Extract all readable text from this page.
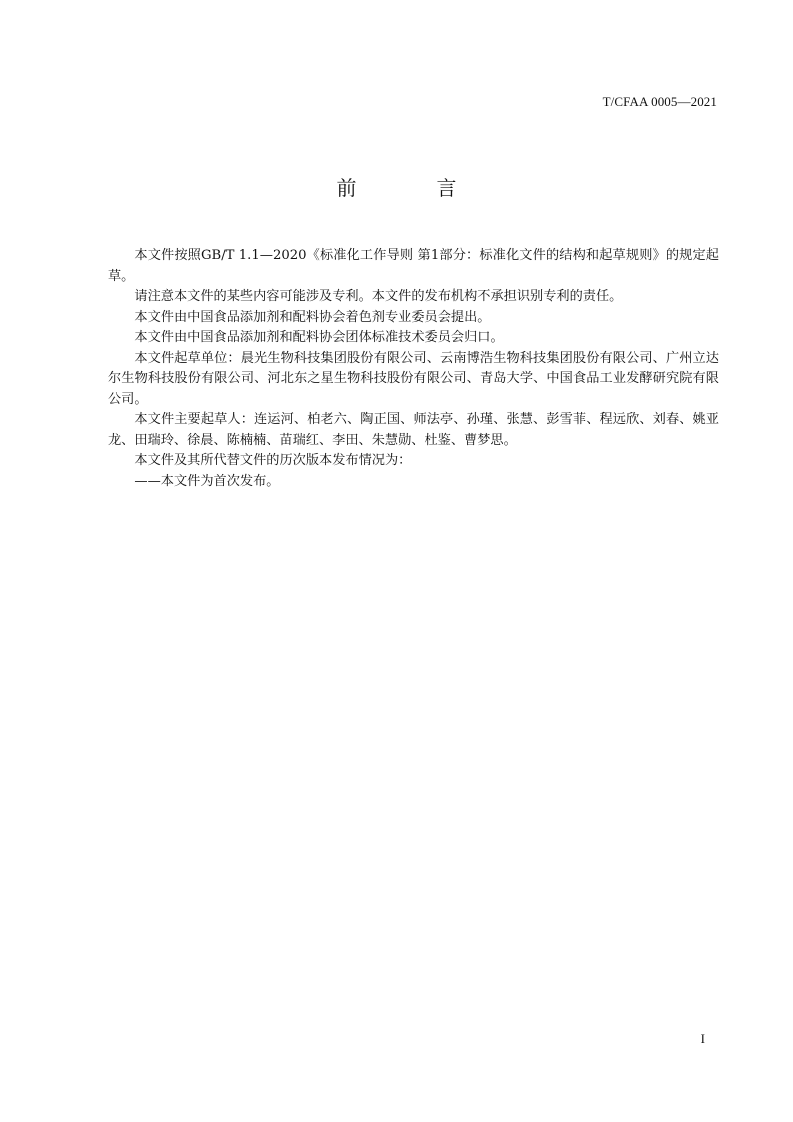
T/CFAA 0005—2021
前　言

本文件按照GB/T 1.1—2020《标准化工作导则 第1部分：标准化文件的结构和起草规则》的规定起草。

请注意本文件的某些内容可能涉及专利。本文件的发布机构不承担识别专利的责任。

本文件由中国食品添加剂和配料协会着色剂专业委员会提出。

本文件由中国食品添加剂和配料协会团体标准技术委员会归口。

本文件起草单位：晨光生物科技集团股份有限公司、云南博浩生物科技集团股份有限公司、广州立达尔生物科技股份有限公司、河北东之星生物科技股份有限公司、青岛大学、中国食品工业发酵研究院有限公司。

本文件主要起草人：连运河、柏老六、陶正国、师法亭、孙瑾、张慧、彭雪菲、程远欣、刘春、姚亚龙、田瑞玲、徐晨、陈楠楠、苗瑞红、李田、朱慧勋、杜鉴、曹梦思。

本文件及其所代替文件的历次版本发布情况为：

——本文件为首次发布。

I
